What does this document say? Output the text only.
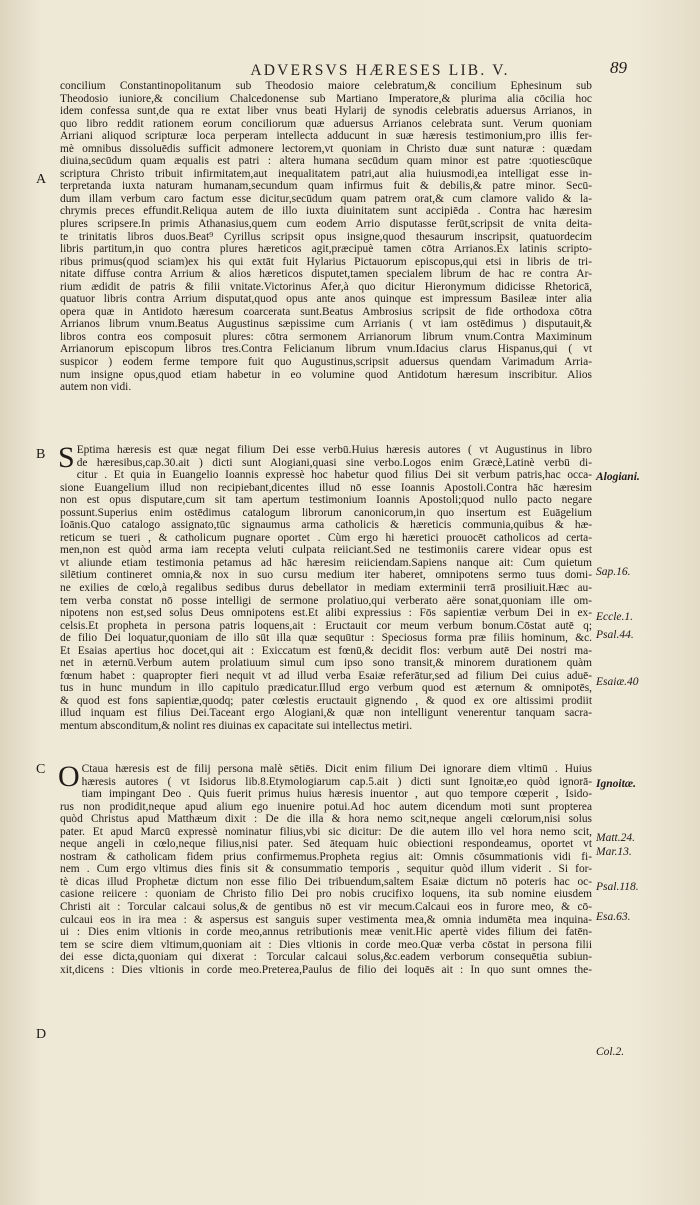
ADVERSVS HÆRESES LIB. V.	89
A
B
C
D
Alogiani.
Sap.16.
Eccle.1.
Psal.44.
Esaiæ.40
Ignoitæ.
Matt.24.
Mar.13.
Psal.118.
Esa.63.
Col.2.
concilium Constantinopolitanum sub Theodosio maiore celebratum,& concilium Ephesinum sub
Theodosio iuniore,& concilium Chalcedonense sub Martiano Imperatore,& plurima alia cōcilia hoc
idem confessa sunt,de qua re extat liber vnus beati Hylarij de synodis celebratis aduersus Arrianos, in
quo libro reddit rationem eorum conciliorum quæ aduersus Arrianos celebrata sunt. Verum quoniam
Arriani aliquod scripturæ loca perperam intellecta adducunt in suæ hæresis testimonium,pro illis fer-
mè omnibus dissoluēdis sufficit admonere lectorem,vt quoniam in Christo duæ sunt naturæ : quædam
diuina,secūdum quam æqualis est patri : altera humana secūdum quam minor est patre :quotiescūque
scriptura Christo tribuit infirmitatem,aut inequalitatem patri,aut alia huiusmodi,ea intelligat esse in-
terpretanda iuxta naturam humanam,secundum quam infirmus fuit & debilis,& patre minor. Secū-
dum illam verbum caro factum esse dicitur,secūdum quam patrem orat,& cum clamore valido & la-
chrymis preces effundit.Reliqua autem de illo iuxta diuinitatem sunt accipiēda . Contra hac hæresim
plures scripsere.In primis Athanasius,quem cum eodem Arrio disputasse ferūt,scripsit de vnita deita-
te trinitatis libros duos.Beat⁹ Cyrillus scripsit opus insigne,quod thesaurum inscripsit, quatuordecim
libris partitum,in quo contra plures hæreticos agit,præcipuè tamen cōtra Arrianos.Ex latinis scripto-
ribus primus(quod sciam)ex his qui extāt fuit Hylarius Pictauorum episcopus,qui etsi in libris de tri-
nitate diffuse contra Arrium & alios hæreticos disputet,tamen specialem librum de hac re contra Ar-
rium ædidit de patris & filii vnitate.Victorinus Afer,à quo dicitur Hieronymum didicisse Rhetoricā,
quatuor libris contra Arrium disputat,quod opus ante anos quinque est impressum Basileæ inter alia
opera quæ in Antidoto hæresum coarcerata sunt.Beatus Ambrosius scripsit de fide orthodoxa cōtra
Arrianos librum vnum.Beatus Augustinus sæpissime cum Arrianis ( vt iam ostēdimus ) disputauit,&
libros contra eos composuit plures: cōtra sermonem Arrianorum librum vnum.Contra Maximinum
Arrianorum episcopum libros tres.Contra Felicianum librum vnum.Idacius clarus Hispanus,qui ( vt
suspicor ) eodem ferme tempore fuit quo Augustinus,scripsit aduersus quendam Varimadum Arria-
num insigne opus,quod etiam habetur in eo volumine quod Antidotum hæresum inscribitur. Alios
autem non vidi.
S Eptima hæresis est quæ negat filium Dei esse verbū.Huius hæresis autores ( vt Augustinus in libro
de hæresibus,cap.30.ait ) dicti sunt Alogiani,quasi sine verbo.Logos enim Græcè,Latinè verbū di-
citur . Et quia in Euangelio Ioannis expressè hoc habetur quod filius Dei sit verbum patris,hac occa-
sione Euangelium illud non recipiebant,dicentes illud nō esse Ioannis Apostoli.Contra hāc hæresim
non est opus disputare,cum sit tam apertum testimonium Ioannis Apostoli;quod nullo pacto negare
possunt.Superius enim ostēdimus catalogum librorum canonicorum,in quo insertum est Euāgelium
Ioānis.Quo catalogo assignato,tūc signaumus arma catholicis & hæreticis communia,quibus & hæ-
reticum se tueri , & catholicum pugnare oportet . Cùm ergo hi hæretici prouocēt catholicos ad certa-
men,non est quòd arma iam recepta veluti culpata reiiciant.Sed ne testimoniis carere videar opus est
vt aliunde etiam testimonia petamus ad hāc hæresim reiiciendam.Sapiens nanque ait: Cum quietum
silētium contineret omnia,& nox in suo cursu medium iter haberet, omnipotens sermo tuus domi-
ne exilies de cœlo,à regalibus sedibus durus debellator in mediam exterminii terrā prosiliuit.Hæc au-
tem verba constat nō posse intelligi de sermone prolatiuo,qui verberato aëre sonat,quoniam ille om-
nipotens non est,sed solus Deus omnipotens est.Et alibi expressius : Fōs sapientiæ verbum Dei in ex-
celsis.Et propheta in persona patris loquens,ait : Eructauit cor meum verbum bonum.Cōstat autē q;
de filio Dei loquatur,quoniam de illo sūt illa quæ sequūtur : Speciosus forma præ filiis hominum, &c.
Et Esaias apertius hoc docet,qui ait : Exiccatum est fœnū,& decidit flos: verbum autē Dei nostri ma-
net in æternū.Verbum autem prolatiuum simul cum ipso sono transit,& minorem durationem quàm
fœnum habet : quapropter fieri nequit vt ad illud verba Esaiæ referātur,sed ad filium Dei cuius aduē-
tus in hunc mundum in illo capitulo prædicatur.Illud ergo verbum quod est æternum & omnipotēs,
& quod est fons sapientiæ,quodq; pater cœlestis eructauit gignendo , & quod ex ore altissimi prodiit
illud inquam est filius Dei.Taceant ergo Alogiani,& quæ non intelligunt venerentur tanquam sacra-
mentum absconditum,& nolint res diuinas ex capacitate sui intellectus metiri.
O Ctaua hæresis est de filij persona malè sētiēs. Dicit enim filium Dei ignorare diem vltimū . Huius
hæresis autores ( vt Isidorus lib.8.Etymologiarum cap.5.ait ) dicti sunt Ignoitæ,eo quòd ignorā-
tiam impingant Deo . Quis fuerit primus huius hæresis inuentor , aut quo tempore cœperit , Isido-
rus non prodidit,neque apud alium ego inuenire potui.Ad hoc autem dicendum moti sunt propterea
quòd Christus apud Matthæum dixit : De die illa & hora nemo scit,neque angeli cœlorum,nisi solus
pater. Et apud Marcū expressè nominatur filius,vbi sic dicitur: De die autem illo vel hora nemo scit,
neque angeli in cœlo,neque filius,nisi pater. Sed ātequam huic obiectioni respondeamus, oportet vt
nostram & catholicam fidem prius confirmemus.Propheta regius ait: Omnis cōsummationis vidi fi-
nem . Cum ergo vltimus dies finis sit & consummatio temporis , sequitur quòd illum viderit . Si for-
tè dicas illud Prophetæ dictum non esse filio Dei tribuendum,saltem Esaiæ dictum nō poteris hac oc-
casione reiicere : quoniam de Christo filio Dei pro nobis crucifixo loquens, ita sub nomine eiusdem
Christi ait : Torcular calcaui solus,& de gentibus nō est vir mecum.Calcaui eos in furore meo, & cō-
culcaui eos in ira mea : & aspersus est sanguis super vestimenta mea,& omnia indumēta mea inquina-
ui : Dies enim vltionis in corde meo,annus retributionis meæ venit.Hic apertè vides filium dei fatēn-
tem se scire diem vltimum,quoniam ait : Dies vltionis in corde meo.Quæ verba cōstat in persona filii
dei esse dicta,quoniam qui dixerat : Torcular calcaui solus,&c.eadem verborum consequētia subiun-
xit,dicens : Dies vltionis in corde meo.Preterea,Paulus de filio dei loquēs ait : In quo sunt omnes the-
